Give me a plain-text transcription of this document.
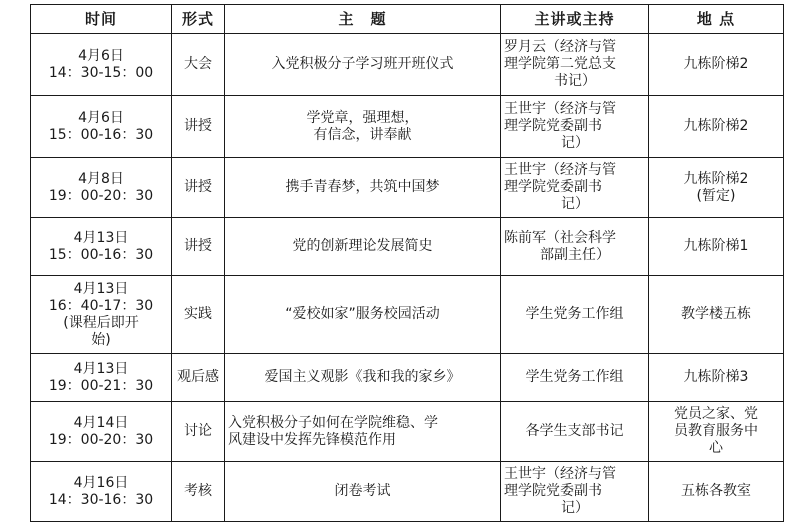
时间	形式	主　题	主讲或主持	地 点

4月6日
14：30-15：00	大会	入党积极分子学习班开班仪式	罗月云（经济与管
理学院第二党总支
书记）	九栋阶梯2

4月6日
15：00-16：30	讲授	学党章，强理想，
有信念，讲奉献	王世宇（经济与管
理学院党委副书
记）	九栋阶梯2

4月8日
19：00-20：30	讲授	携手青春梦，共筑中国梦	王世宇（经济与管
理学院党委副书
记）	九栋阶梯2
(暂定)

4月13日
15：00-16：30	讲授	党的创新理论发展简史	陈前军（社会科学
部副主任）	九栋阶梯1

4月13日
16：40-17：30
(课程后即开
始)	实践	“爱校如家”服务校园活动	学生党务工作组	教学楼五栋

4月13日
19：00-21：30	观后感	爱国主义观影《我和我的家乡》	学生党务工作组	九栋阶梯3

4月14日
19：00-20：30	讨论	入党积极分子如何在学院维稳、学
风建设中发挥先锋模范作用	各学生支部书记	党员之家、党
员教育服务中
心

4月16日
14：30-16：30	考核	闭卷考试	王世宇（经济与管
理学院党委副书
记）	五栋各教室
